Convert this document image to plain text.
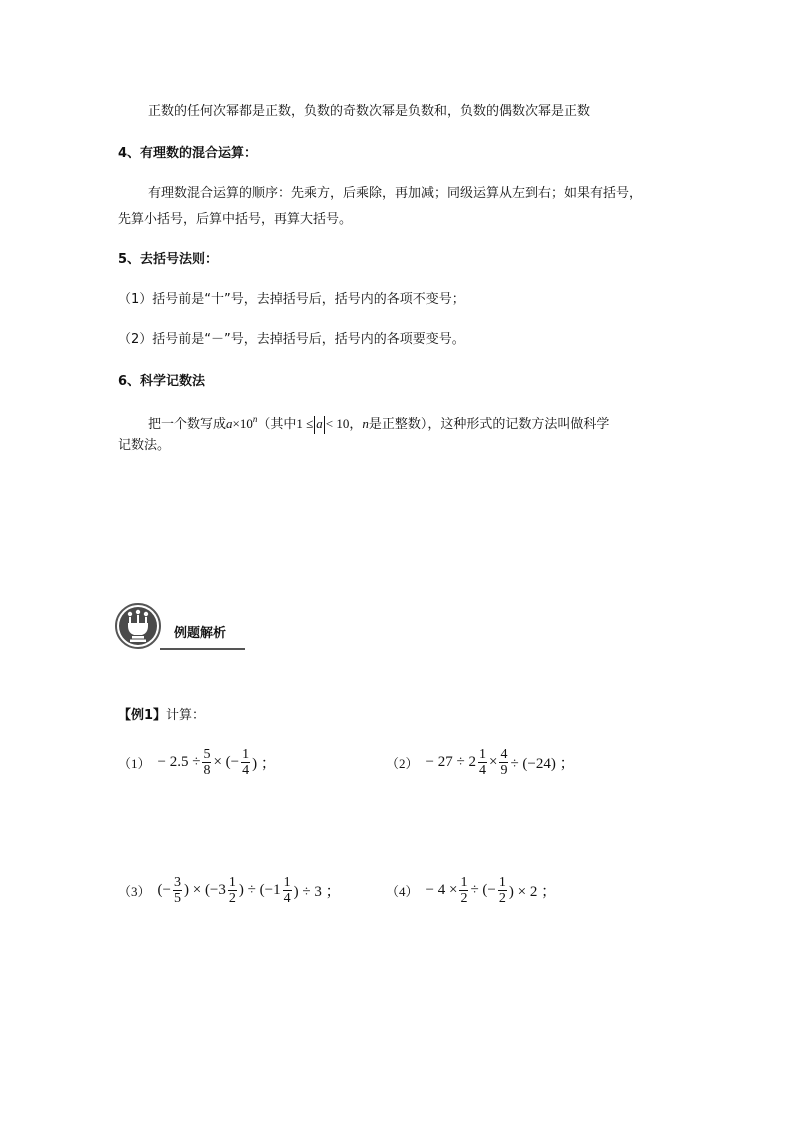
正数的任何次幂都是正数，负数的奇数次幂是负数和，负数的偶数次幂是正数
4、有理数的混合运算：
有理数混合运算的顺序：先乘方，后乘除，再加减；同级运算从左到右；如果有括号，
先算小括号，后算中括号，再算大括号。
5、去括号法则：
（1）括号前是“十”号，去掉括号后，括号内的各项不变号；
（2）括号前是“－”号，去掉括号后，括号内的各项要变号。
6、科学记数法
把一个数写成$a\times 10^n$（其中1 ≤ a < 10，n是正整数），这种形式的记数方法叫做科学
记数法。
例题解析
【例1】计算：
$(1) - 2.5 \div \frac{5}{8}$ × (− $\frac{1}{4}$ ) ；	$(2) - 27 \div 2 \frac{1}{4} \times \frac{4}{9} \div (-24)$ ；
（3） (− $\frac{3}{5}$ ) × ($-3 \frac{1}{2}$ ) ÷ ($-1 \frac{1}{4}$ ) ÷ 3 ；	$(4) - 4 \times \frac{1}{2}$ ÷ (− $\frac{1}{2}$ ) × 2 ；
